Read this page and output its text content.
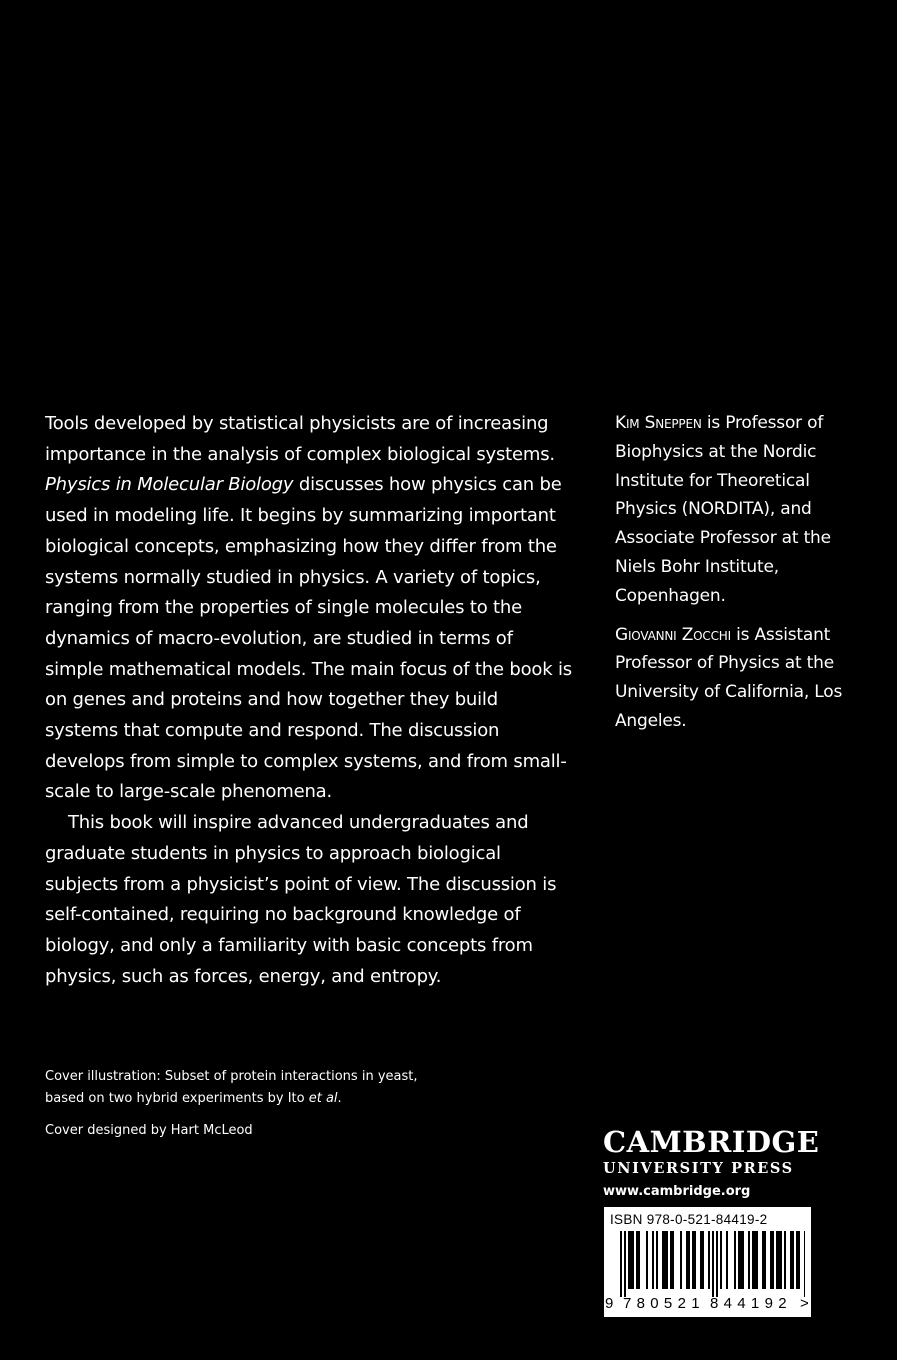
Tools developed by statistical physicists are of increasing importance in the analysis of complex biological systems. Physics in Molecular Biology discusses how physics can be used in modeling life. It begins by summarizing important biological concepts, emphasizing how they differ from the systems normally studied in physics. A variety of topics, ranging from the properties of single molecules to the dynamics of macro-evolution, are studied in terms of simple mathematical models. The main focus of the book is on genes and proteins and how together they build systems that compute and respond. The discussion develops from simple to complex systems, and from small-scale to large-scale phenomena.

This book will inspire advanced undergraduates and graduate students in physics to approach biological subjects from a physicist’s point of view. The discussion is self-contained, requiring no background knowledge of biology, and only a familiarity with basic concepts from physics, such as forces, energy, and entropy.

Kim Sneppen is Professor of Biophysics at the Nordic Institute for Theoretical Physics (NORDITA), and Associate Professor at the Niels Bohr Institute, Copenhagen.

Giovanni Zocchi is Assistant Professor of Physics at the University of California, Los Angeles.

Cover illustration: Subset of protein interactions in yeast,

based on two hybrid experiments by Ito et al.

Cover designed by Hart McLeod	CAMBRIDGE
UNIVERSITY PRESS
www.cambridge.org
ISBN 978-0-521-84419-2
9 780521 844192 >
